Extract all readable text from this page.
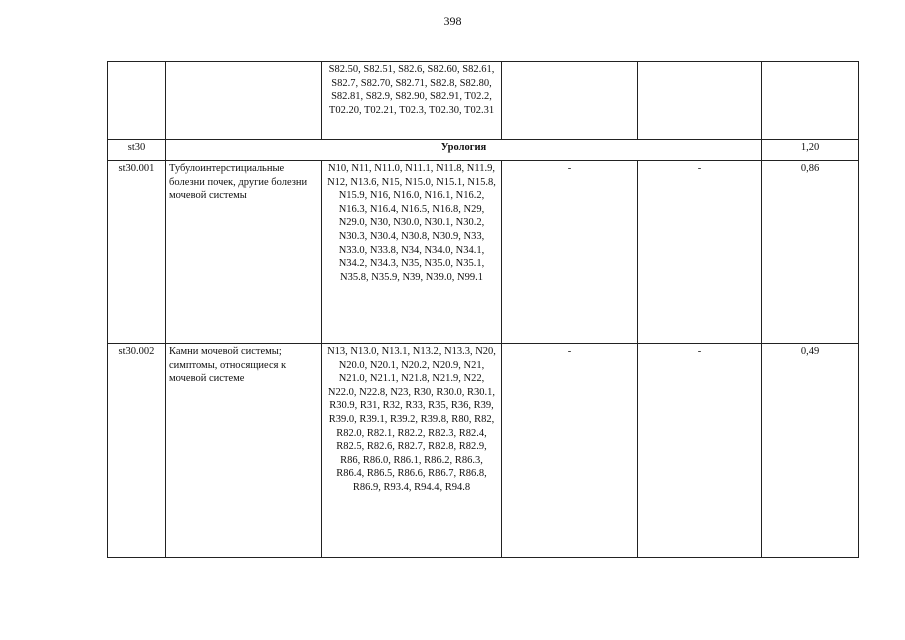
398
		S82.50, S82.51, S82.6, S82.60, S82.61, S82.7, S82.70, S82.71, S82.8, S82.80, S82.81, S82.9, S82.90, S82.91, T02.2, T02.20, T02.21, T02.3, T02.30, T02.31			
st30	Урология				1,20
st30.001	Тубулоинтерстициальные болезни почек, другие болезни мочевой системы	N10, N11, N11.0, N11.1, N11.8, N11.9, N12, N13.6, N15, N15.0, N15.1, N15.8, N15.9, N16, N16.0, N16.1, N16.2, N16.3, N16.4, N16.5, N16.8, N29, N29.0, N30, N30.0, N30.1, N30.2, N30.3, N30.4, N30.8, N30.9, N33, N33.0, N33.8, N34, N34.0, N34.1, N34.2, N34.3, N35, N35.0, N35.1, N35.8, N35.9, N39, N39.0, N99.1	-	-	0,86
st30.002	Камни мочевой системы; симптомы, относящиеся к мочевой системе	N13, N13.0, N13.1, N13.2, N13.3, N20, N20.0, N20.1, N20.2, N20.9, N21, N21.0, N21.1, N21.8, N21.9, N22, N22.0, N22.8, N23, R30, R30.0, R30.1, R30.9, R31, R32, R33, R35, R36, R39, R39.0, R39.1, R39.2, R39.8, R80, R82, R82.0, R82.1, R82.2, R82.3, R82.4, R82.5, R82.6, R82.7, R82.8, R82.9, R86, R86.0, R86.1, R86.2, R86.3, R86.4, R86.5, R86.6, R86.7, R86.8, R86.9, R93.4, R94.4, R94.8	-	-	0,49
